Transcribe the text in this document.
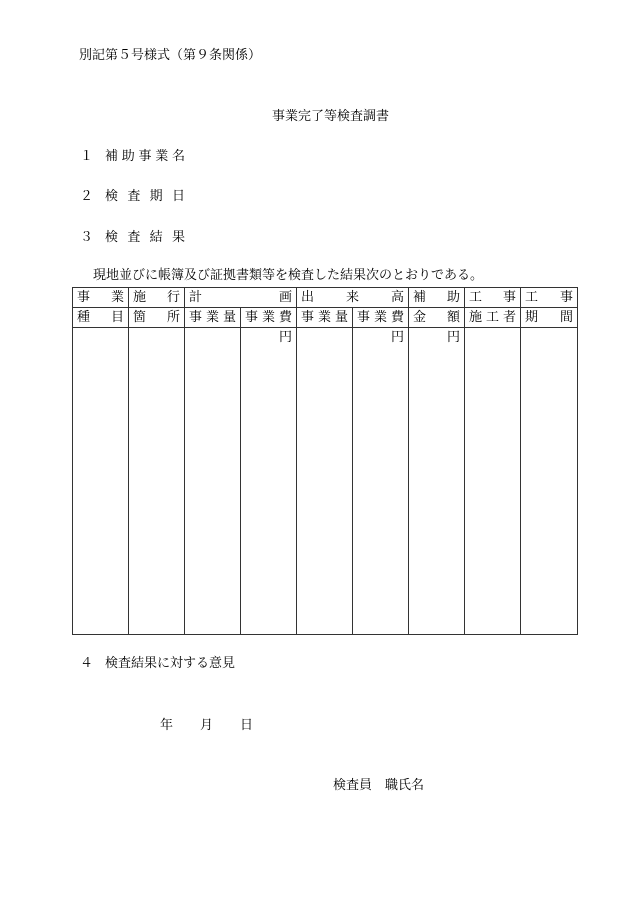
別記第５号様式（第９条関係）
事業完了等検査調書
１ 補助事業名
２ 検査期日
３ 検査結果
現地並びに帳簿及び証拠書類等を検査した結果次のとおりである。
事業	施行	計画		出来高		補助	工事	工事
種目	箇所	事業量	事業費	事業量	事業費	金額	施工者	期間
			円		円	円		
４ 検査結果に対する意見
年 月 日
検査員 職氏名
